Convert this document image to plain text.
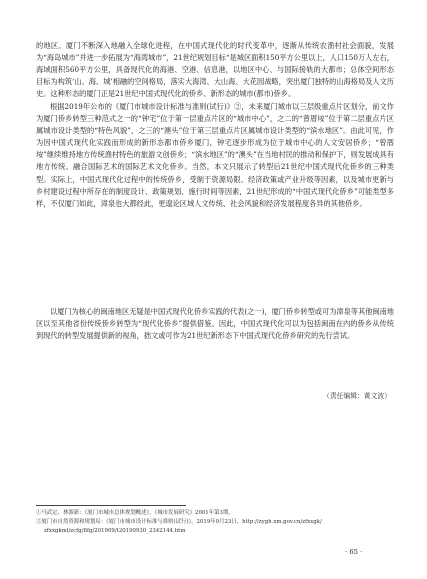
的地区。厦门不断深入地融入全球化进程，在中国式现代化的时代变革中，逐渐从传统农渔村社会面貌，发展为“海岛城市”并进一步拓展为“海湾城市”，21世纪规划目标“是城区面积150平方公里以上，人口150万人左右，海域面积560平方公里，具备现代化的海港、空港、信息港，以地区中心、与国际接轨的大都市；总体空间形态目标为构筑‘山、海、城’相融的空间格局，落实大海湾、大山海、大花园战略，突出厦门独特的山海格局及人文历史。这种形态的厦门正是21世纪中国式现代化的侨乡、新形态的城市(都市)侨乡。

根据2019年公布的《厦门市城市设计标准与准则(试行)》②，未来厦门城市以三层级重点片区划分，前文作为厦门侨乡转型三种范式之一的“钟宅”位于第一层重点片区的“城市中心”，之二的“曾厝垵”位于第二层重点片区属城市设计类型的“特色风貌”，之三的“澳头”位于第三层重点片区属城市设计类型的“滨水地区”。由此可见，作为因中国式现代化实践而形成的新形态都市侨乡厦门，钟宅逐步形成为位于城市中心的人文安居侨乡；“曾厝垵”继续维持地方传统渔村特色的旅游文创侨乡；“滨水地区”的“澳头”在当地村民的推动和保护下，则发展成具有地方传统、融合国际艺术的国际艺术文化侨乡。当然，本文只展示了转型后21世纪中国式现代化侨乡的三种类型。实际上，中国式现代化过程中的传统侨乡，受制于资源局限、经济政策或产业升级等因素，以及城市更新与乡村建设过程中所存在的制度设计、政策规划、施行时间等因素，21世纪形成的“中国式现代化侨乡”可能类型多样，不仅厦门如此，漳泉也大都经此，更遑论区域人文传统、社会风貌和经济发展程度各异的其他侨乡。

以厦门为核心的闽南地区无疑是中国式现代化侨乡实践的代表(之一)，厦门侨乡转型或可为漳泉等其他闽南地区以至其他省份传统侨乡转型为“现代化侨乡”提供借鉴。因此，中国式现代化可以为包括闽南在内的侨乡从传统到现代的转型发展提供新的视角，拙文或可作为21世纪新形态下中国式现代化侨乡研究的先行尝试。

（责任编辑：黄文波）

①马武定、林源新：《厦门市城市总体规划概述》，《城市发展研究》2001年第3期。

②厦门市自然资源和规划局：《厦门市城市设计标准与准则(试行)》，2019年9月23日，http://zygh.xm.gov.cn/zfxxgk/

zfxxgkml/zcfg/flfg/201909/t20190930_2342144.htm

· 65 ·
